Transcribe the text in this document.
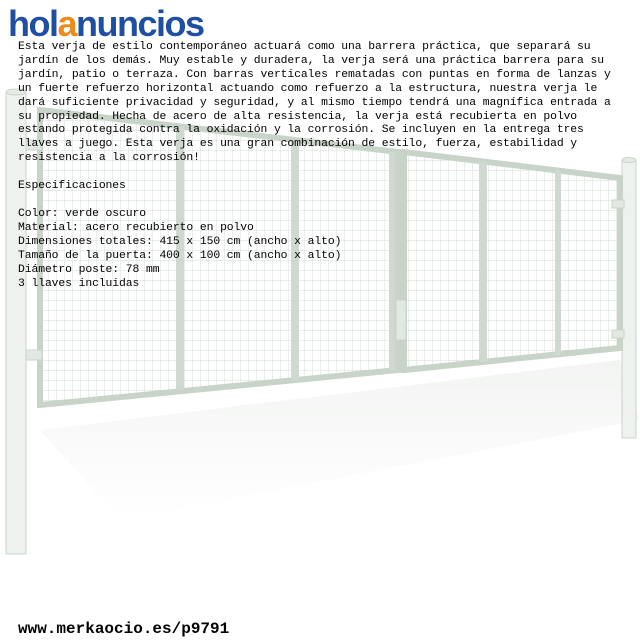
holanuncios

Esta verja de estilo contemporáneo actuará como una barrera práctica, que separará su jardín de los demás. Muy estable y duradera, la verja será una práctica barrera para su jardín, patio o terraza. Con barras verticales rematadas con puntas en forma de lanzas y un fuerte refuerzo horizontal actuando como refuerzo a la estructura, nuestra verja le dará suficiente privacidad y seguridad, y al mismo tiempo tendrá una magnífica entrada a su propiedad. Hecha de acero de alta resistencia, la verja está recubierta en polvo estando protegida contra la oxidación y la corrosión. Se incluyen en la entrega tres llaves a juego. Esta verja es una gran combinación de estilo, fuerza, estabilidad y resistencia a la corrosión!

Especificaciones

Color: verde oscuro
Material: acero recubierto en polvo
Dimensiones totales: 415 x 150 cm (ancho x alto)
Tamaño de la puerta: 400 x 100 cm (ancho x alto)
Diámetro poste: 78 mm
3 llaves incluidas
www.merkaocio.es/p9791
